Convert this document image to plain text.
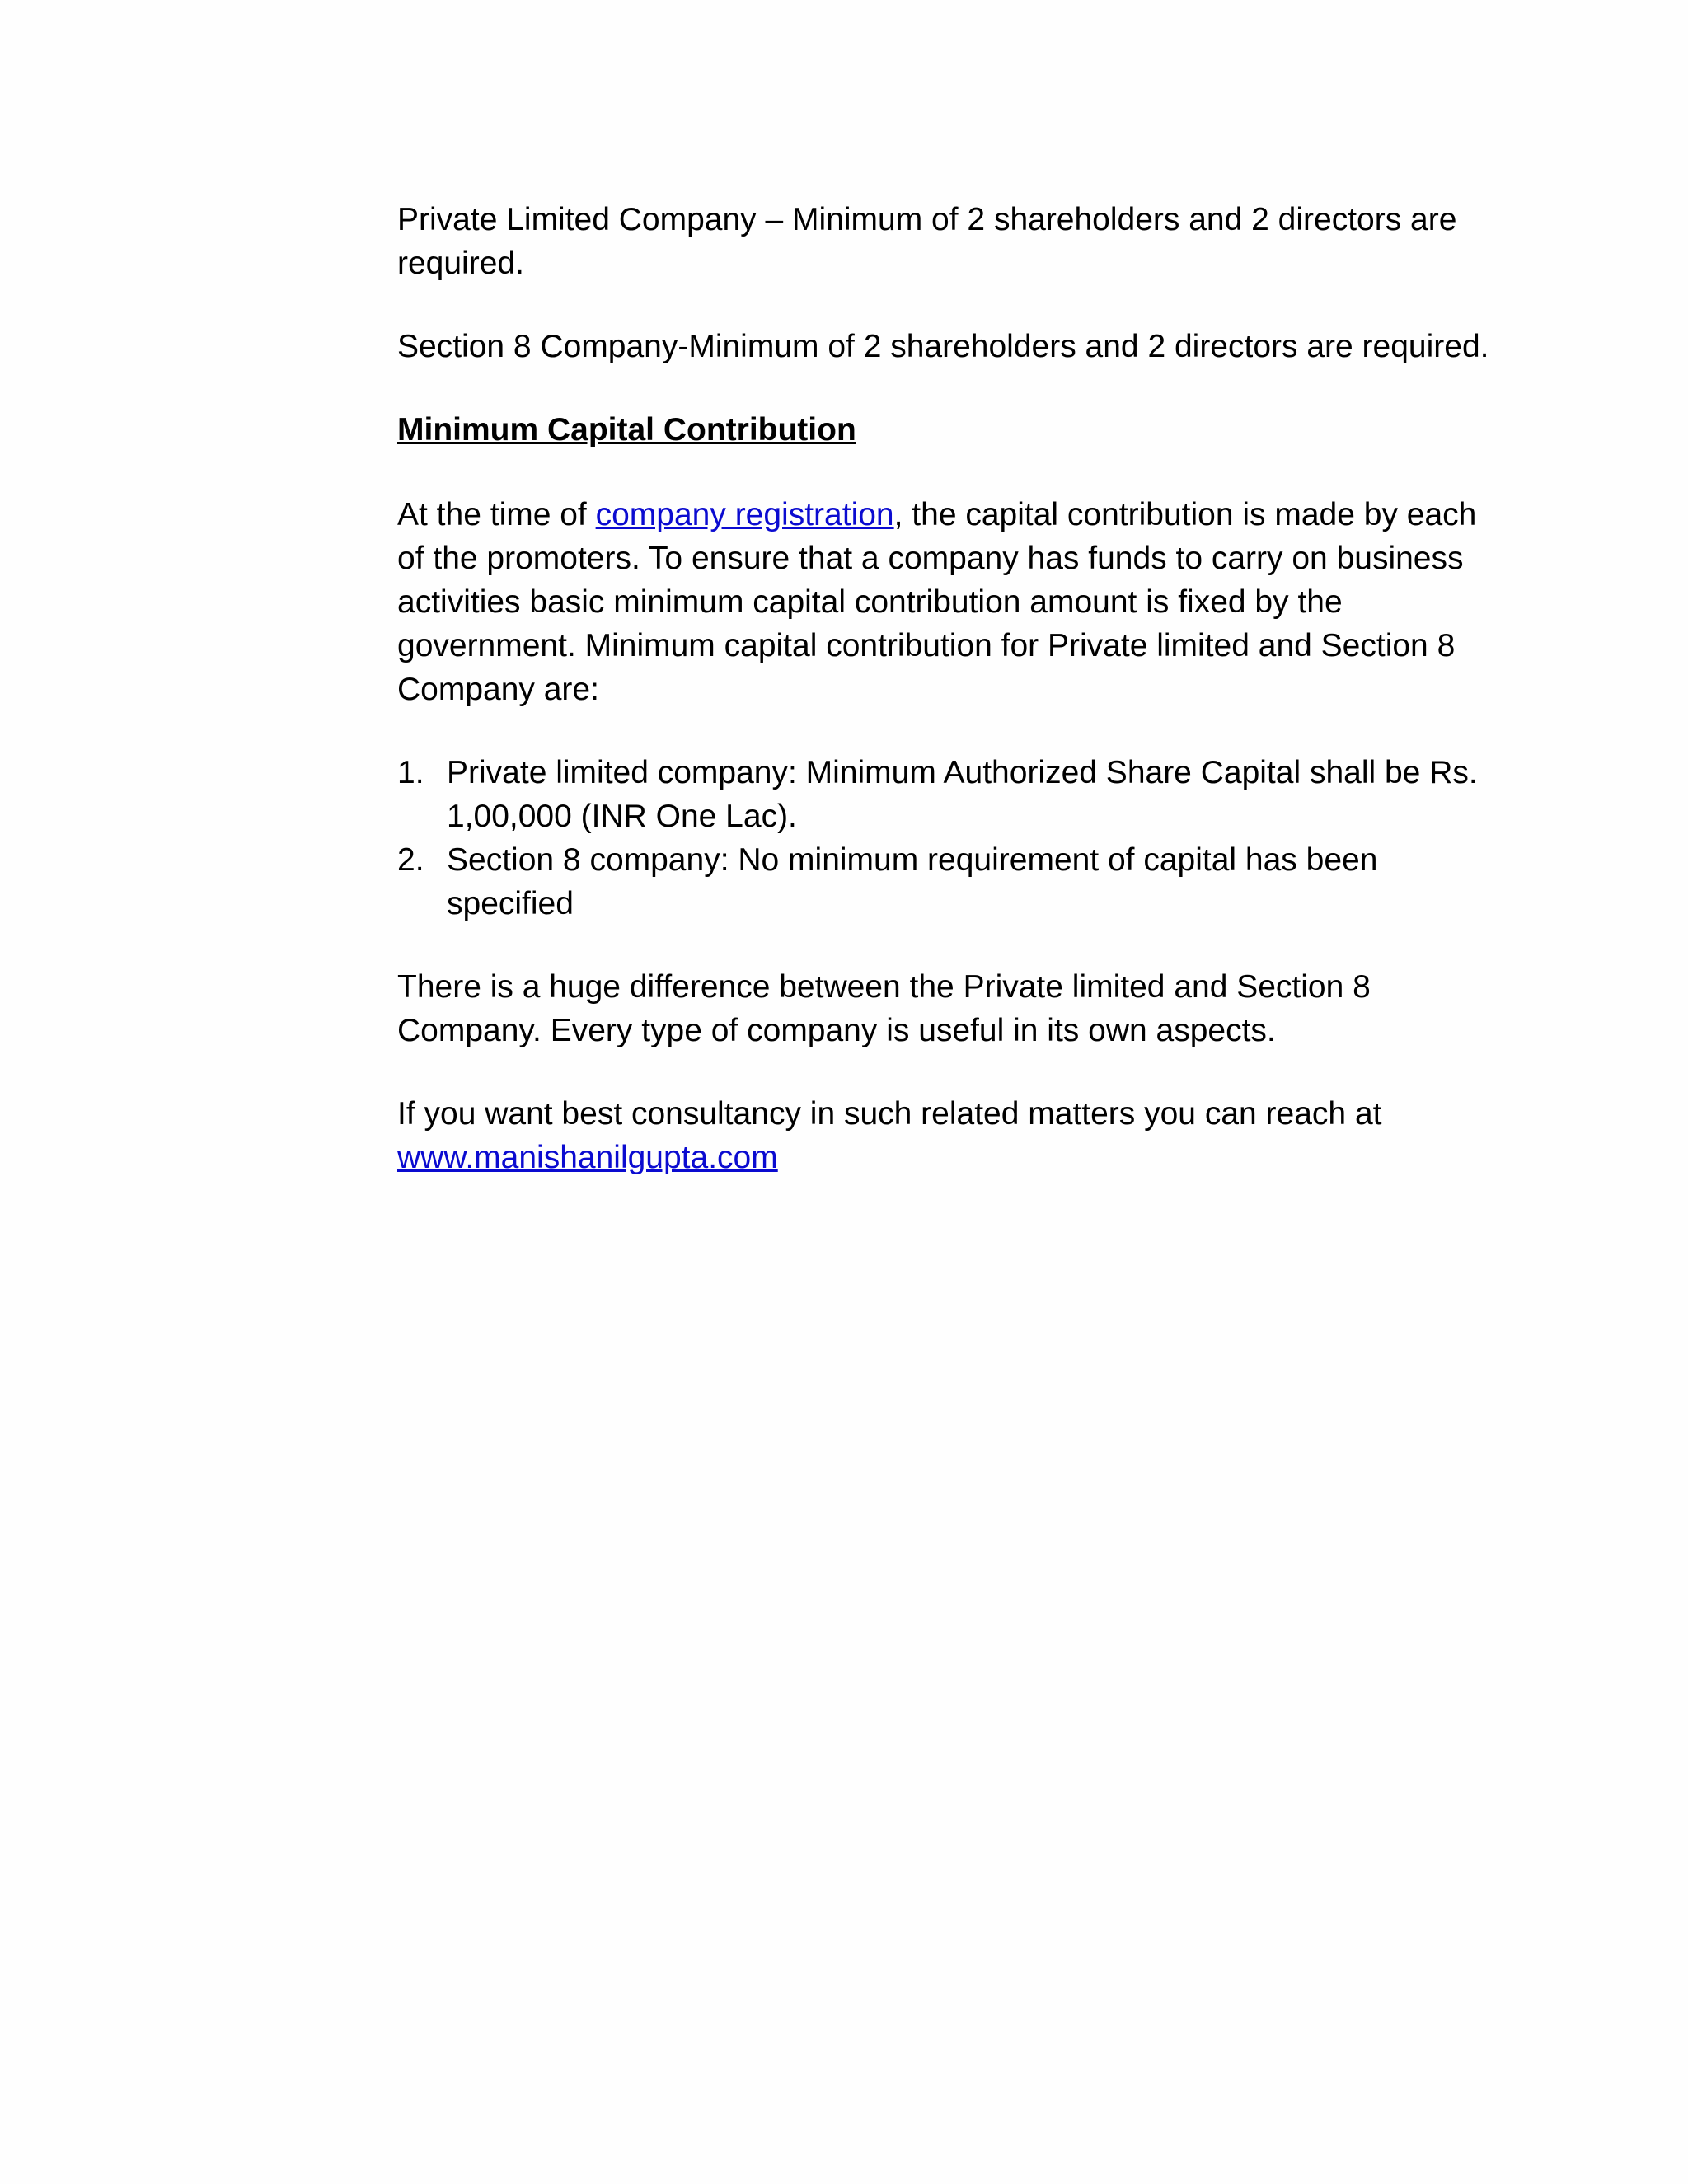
Private Limited Company – Minimum of 2 shareholders and 2 directors are required.

Section 8 Company-Minimum of 2 shareholders and 2 directors are required.

Minimum Capital Contribution

At the time of company registration, the capital contribution is made by each of the promoters. To ensure that a company has funds to carry on business activities basic minimum capital contribution amount is fixed by the government. Minimum capital contribution for Private limited and Section 8 Company are:

1. Private limited company: Minimum Authorized Share Capital shall be Rs. 1,00,000 (INR One Lac).
2. Section 8 company: No minimum requirement of capital has been specified

There is a huge difference between the Private limited and Section 8 Company. Every type of company is useful in its own aspects.

If you want best consultancy in such related matters you can reach at
www.manishanilgupta.com
